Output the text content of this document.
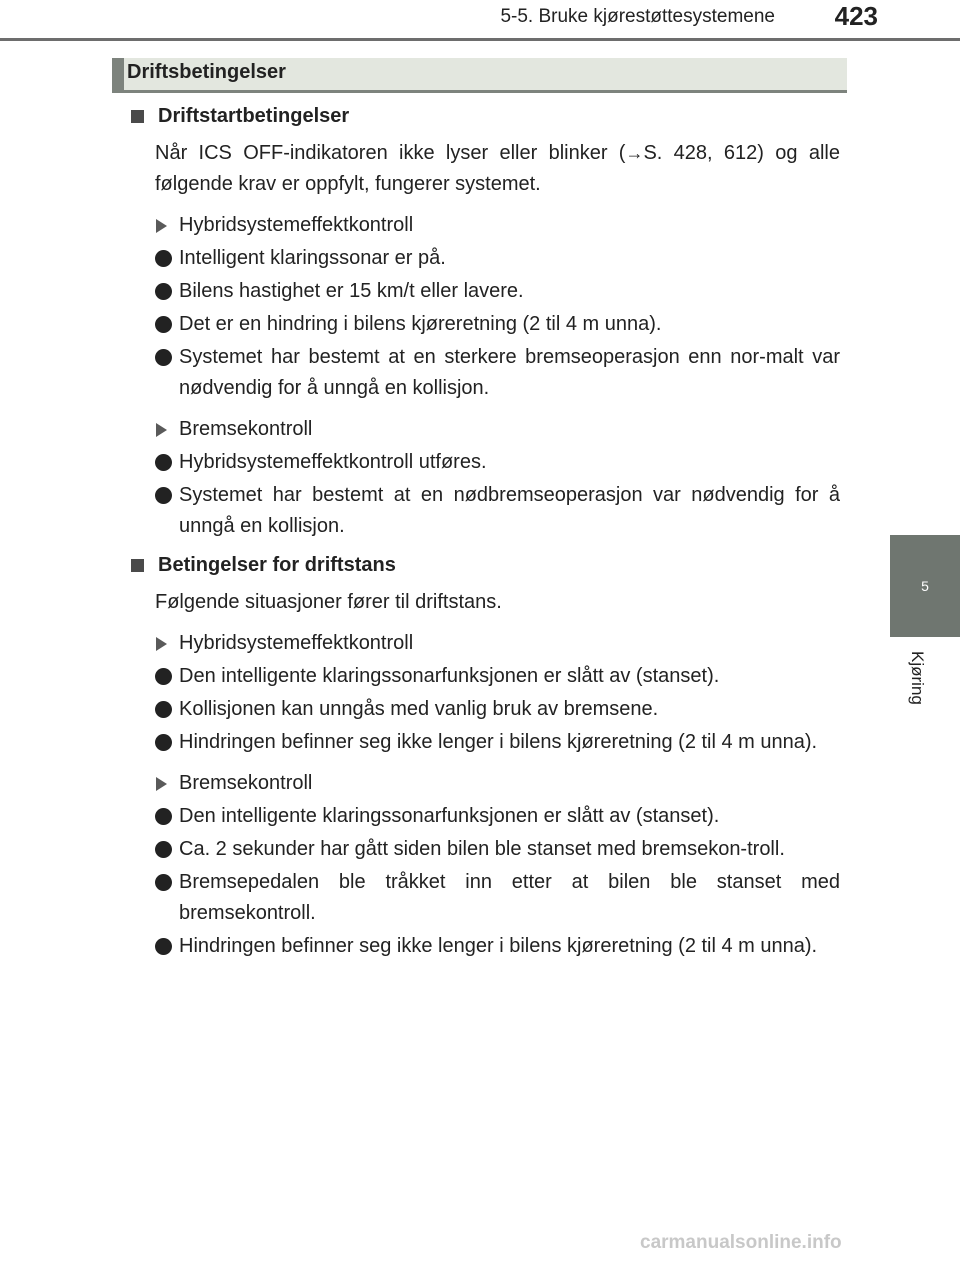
5-5. Bruke kjørestøttesystemene 423
5
Kjøring
Driftsbetingelser
Driftstartbetingelser
Når ICS OFF-indikatoren ikke lyser eller blinker (→S. 428, 612) og alle følgende krav er oppfylt, fungerer systemet.
Hybridsystemeffektkontroll
Intelligent klaringssonar er på.
Bilens hastighet er 15 km/t eller lavere.
Det er en hindring i bilens kjøreretning (2 til 4 m unna).
Systemet har bestemt at en sterkere bremseoperasjon enn nor-malt var nødvendig for å unngå en kollisjon.
Bremsekontroll
Hybridsystemeffektkontroll utføres.
Systemet har bestemt at en nødbremseoperasjon var nødvendig for å unngå en kollisjon.
Betingelser for driftstans
Følgende situasjoner fører til driftstans.
Hybridsystemeffektkontroll
Den intelligente klaringssonarfunksjonen er slått av (stanset).
Kollisjonen kan unngås med vanlig bruk av bremsene.
Hindringen befinner seg ikke lenger i bilens kjøreretning (2 til 4 m unna).
Bremsekontroll
Den intelligente klaringssonarfunksjonen er slått av (stanset).
Ca. 2 sekunder har gått siden bilen ble stanset med bremsekon-troll.
Bremsepedalen ble tråkket inn etter at bilen ble stanset med bremsekontroll.
Hindringen befinner seg ikke lenger i bilens kjøreretning (2 til 4 m unna).
carmanualsonline.info
